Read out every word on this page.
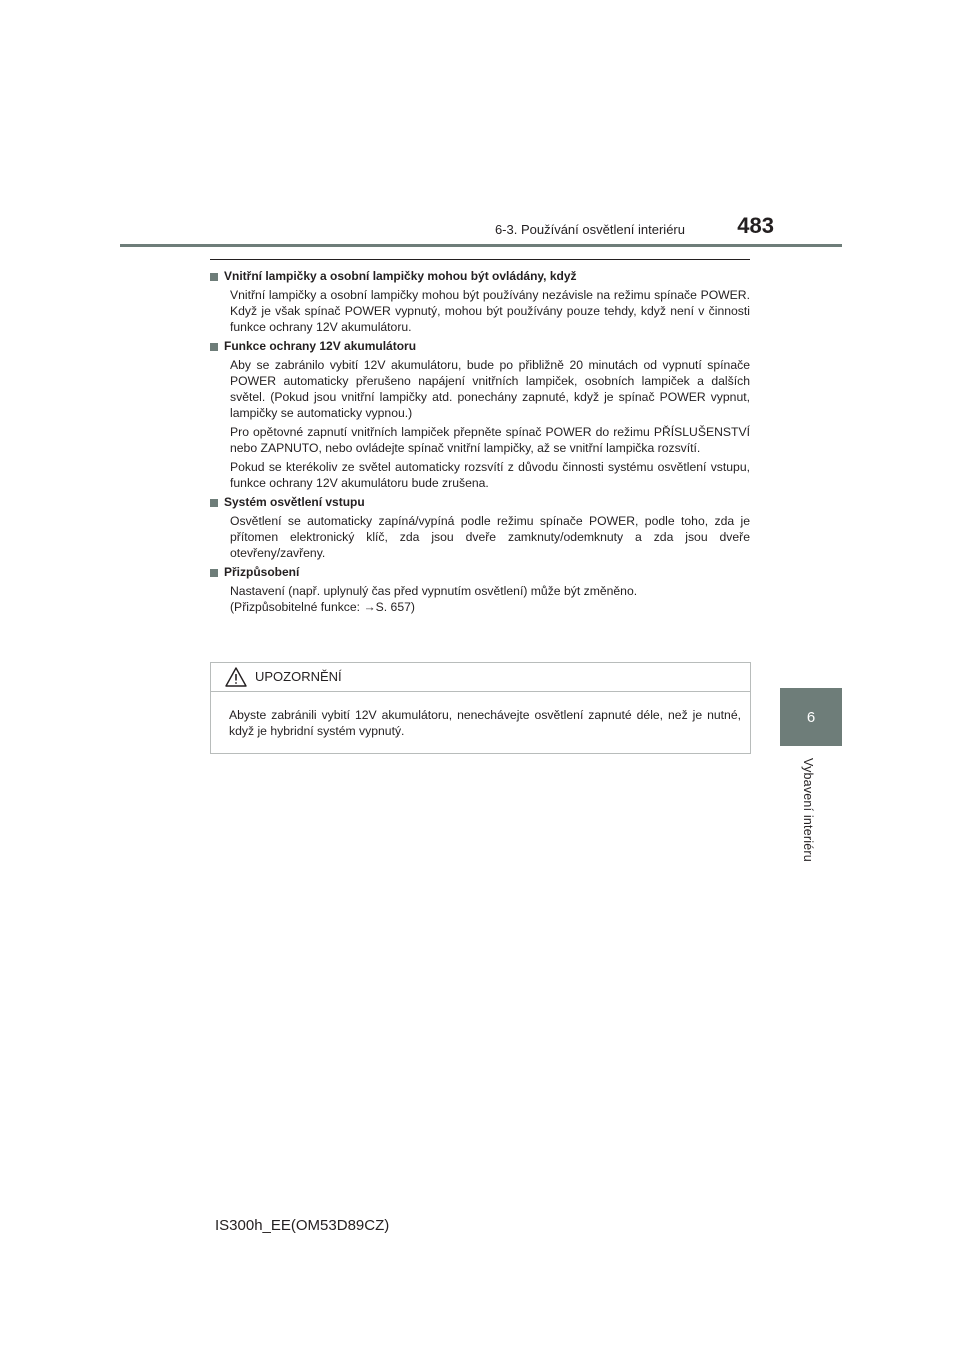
6-3. Používání osvětlení interiéru	483
6
Vybavení interiéru
Vnitřní lampičky a osobní lampičky mohou být ovládány, když

Vnitřní lampičky a osobní lampičky mohou být používány nezávisle na režimu spínače POWER. Když je však spínač POWER vypnutý, mohou být používány pouze tehdy, když není v činnosti funkce ochrany 12V akumulátoru.

Funkce ochrany 12V akumulátoru

Aby se zabránilo vybití 12V akumulátoru, bude po přibližně 20 minutách od vypnutí spínače POWER automaticky přerušeno napájení vnitřních lampiček, osobních lampiček a dalších světel. (Pokud jsou vnitřní lampičky atd. ponechány zapnuté, když je spínač POWER vypnut, lampičky se automaticky vypnou.)

Pro opětovné zapnutí vnitřních lampiček přepněte spínač POWER do režimu PŘÍSLUŠENSTVÍ nebo ZAPNUTO, nebo ovládejte spínač vnitřní lampičky, až se vnitřní lampička rozsvítí.

Pokud se kterékoliv ze světel automaticky rozsvítí z důvodu činnosti systému osvětlení vstupu, funkce ochrany 12V akumulátoru bude zrušena.

Systém osvětlení vstupu

Osvětlení se automaticky zapíná/vypíná podle režimu spínače POWER, podle toho, zda je přítomen elektronický klíč, zda jsou dveře zamknuty/odemknuty a zda jsou dveře otevřeny/zavřeny.

Přizpůsobení

Nastavení (např. uplynulý čas před vypnutím osvětlení) může být změněno.

(Přizpůsobitelné funkce: →S. 657)

UPOZORNĚNÍ
Abyste zabránili vybití 12V akumulátoru, nenechávejte osvětlení zapnuté déle, než je nutné, když je hybridní systém vypnutý.
IS300h_EE(OM53D89CZ)
